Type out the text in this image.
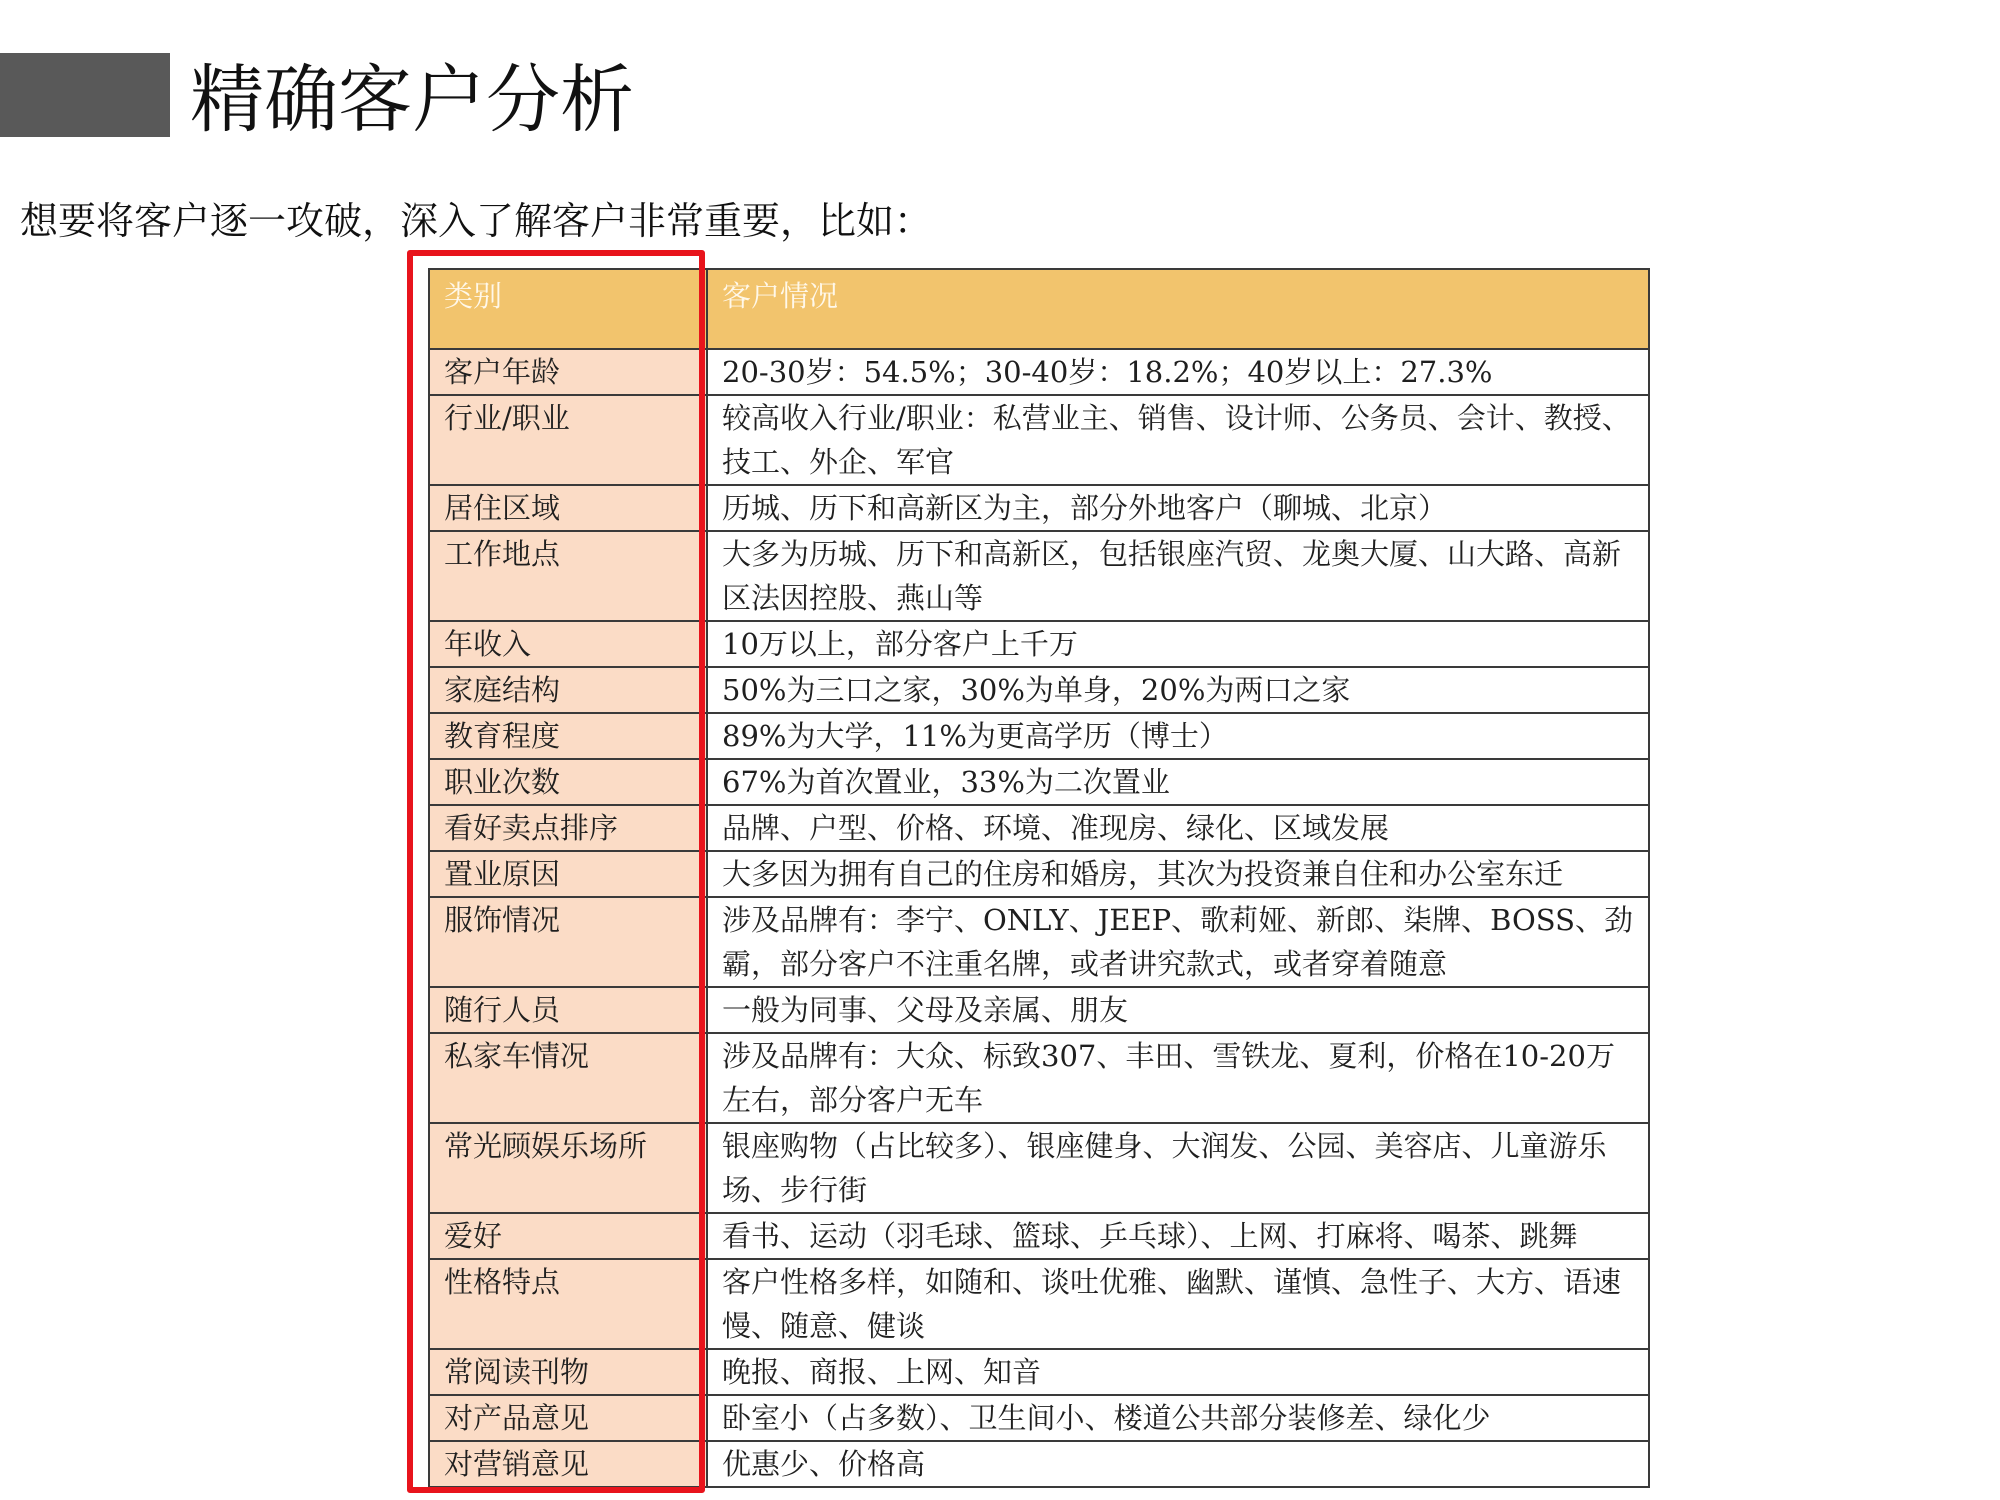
精确客户分析
想要将客户逐一攻破，深入了解客户非常重要，比如：
类别	客户情况
客户年龄	20-30岁：54.5%；30-40岁：18.2%；40岁以上：27.3%
行业/职业	较高收入行业/职业：私营业主、销售、设计师、公务员、会计、教授、技工、外企、军官
居住区域	历城、历下和高新区为主，部分外地客户（聊城、北京）
工作地点	大多为历城、历下和高新区，包括银座汽贸、龙奥大厦、山大路、高新区法因控股、燕山等
年收入	10万以上，部分客户上千万
家庭结构	50%为三口之家，30%为单身，20%为两口之家
教育程度	89%为大学，11%为更高学历（博士）
职业次数	67%为首次置业，33%为二次置业
看好卖点排序	品牌、户型、价格、环境、准现房、绿化、区域发展
置业原因	大多因为拥有自己的住房和婚房，其次为投资兼自住和办公室东迁
服饰情况	涉及品牌有：李宁、ONLY、JEEP、歌莉娅、新郎、柒牌、BOSS、劲霸，部分客户不注重名牌，或者讲究款式，或者穿着随意
随行人员	一般为同事、父母及亲属、朋友
私家车情况	涉及品牌有：大众、标致307、丰田、雪铁龙、夏利，价格在10-20万左右，部分客户无车
常光顾娱乐场所	银座购物（占比较多）、银座健身、大润发、公园、美容店、儿童游乐场、步行街
爱好	看书、运动（羽毛球、篮球、乒乓球）、上网、打麻将、喝茶、跳舞
性格特点	客户性格多样，如随和、谈吐优雅、幽默、谨慎、急性子、大方、语速慢、随意、健谈
常阅读刊物	晚报、商报、上网、知音
对产品意见	卧室小（占多数）、卫生间小、楼道公共部分装修差、绿化少
对营销意见	优惠少、价格高
